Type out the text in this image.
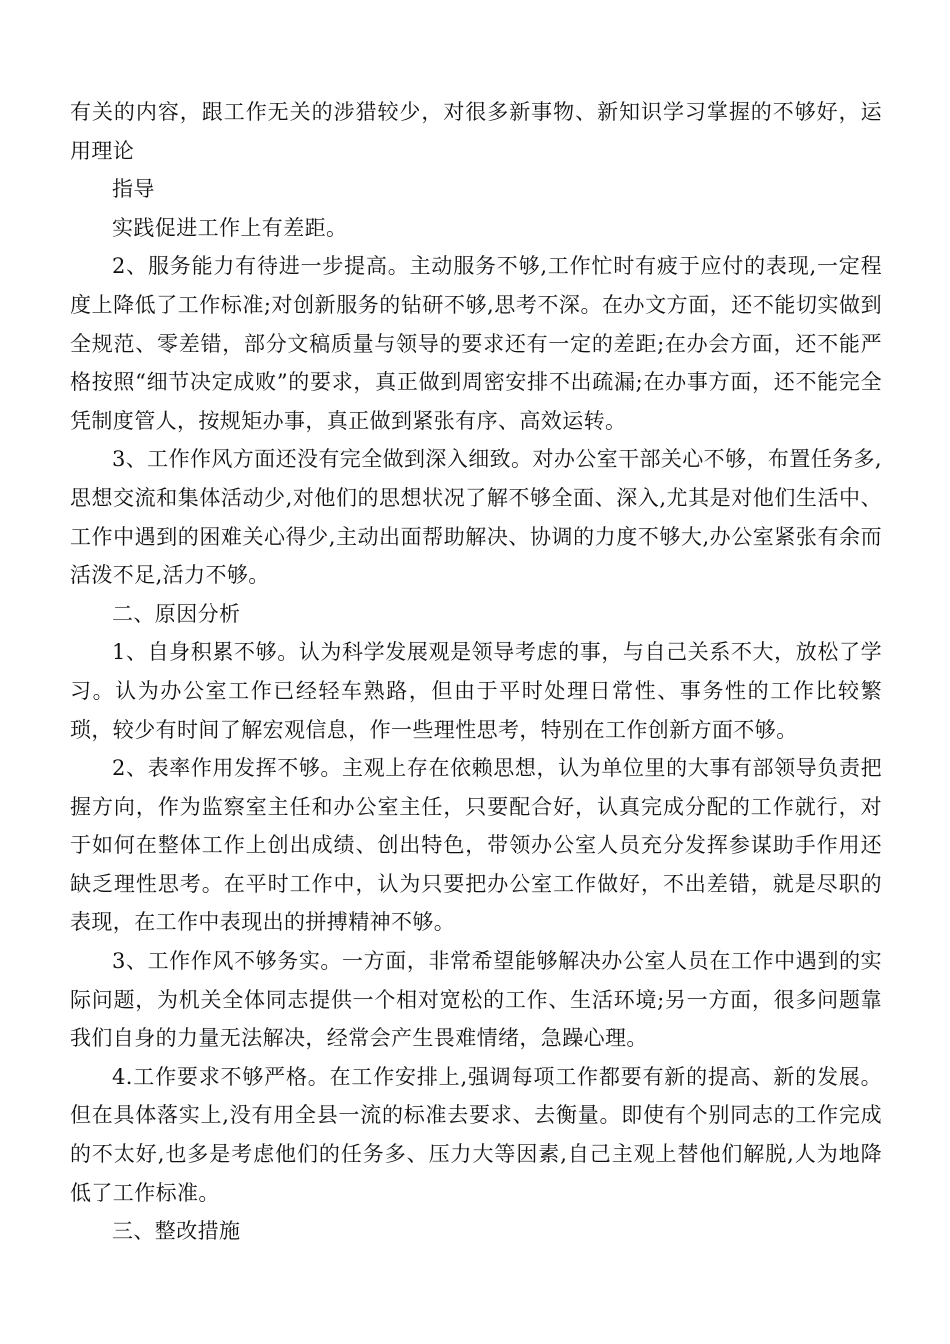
有关的内容，跟工作无关的涉猎较少，对很多新事物、新知识学习掌握的不够好，运用理论

指导

实践促进工作上有差距。

2、服务能力有待进一步提高。主动服务不够,工作忙时有疲于应付的表现,一定程度上降低了工作标准;对创新服务的钻研不够,思考不深。在办文方面，还不能切实做到全规范、零差错，部分文稿质量与领导的要求还有一定的差距;在办会方面，还不能严格按照“细节决定成败”的要求，真正做到周密安排不出疏漏;在办事方面，还不能完全凭制度管人，按规矩办事，真正做到紧张有序、高效运转。

3、工作作风方面还没有完全做到深入细致。对办公室干部关心不够，布置任务多,思想交流和集体活动少,对他们的思想状况了解不够全面、深入,尤其是对他们生活中、工作中遇到的困难关心得少,主动出面帮助解决、协调的力度不够大,办公室紧张有余而活泼不足,活力不够。

二、原因分析

1、自身积累不够。认为科学发展观是领导考虑的事，与自己关系不大，放松了学习。认为办公室工作已经轻车熟路，但由于平时处理日常性、事务性的工作比较繁琐，较少有时间了解宏观信息，作一些理性思考，特别在工作创新方面不够。

2、表率作用发挥不够。主观上存在依赖思想，认为单位里的大事有部领导负责把握方向，作为监察室主任和办公室主任，只要配合好，认真完成分配的工作就行，对于如何在整体工作上创出成绩、创出特色，带领办公室人员充分发挥参谋助手作用还缺乏理性思考。在平时工作中，认为只要把办公室工作做好，不出差错，就是尽职的表现，在工作中表现出的拼搏精神不够。

3、工作作风不够务实。一方面，非常希望能够解决办公室人员在工作中遇到的实际问题，为机关全体同志提供一个相对宽松的工作、生活环境;另一方面，很多问题靠我们自身的力量无法解决，经常会产生畏难情绪，急躁心理。

4.工作要求不够严格。在工作安排上,强调每项工作都要有新的提高、新的发展。但在具体落实上,没有用全县一流的标准去要求、去衡量。即使有个别同志的工作完成的不太好,也多是考虑他们的任务多、压力大等因素,自己主观上替他们解脱,人为地降低了工作标准。

三、整改措施
